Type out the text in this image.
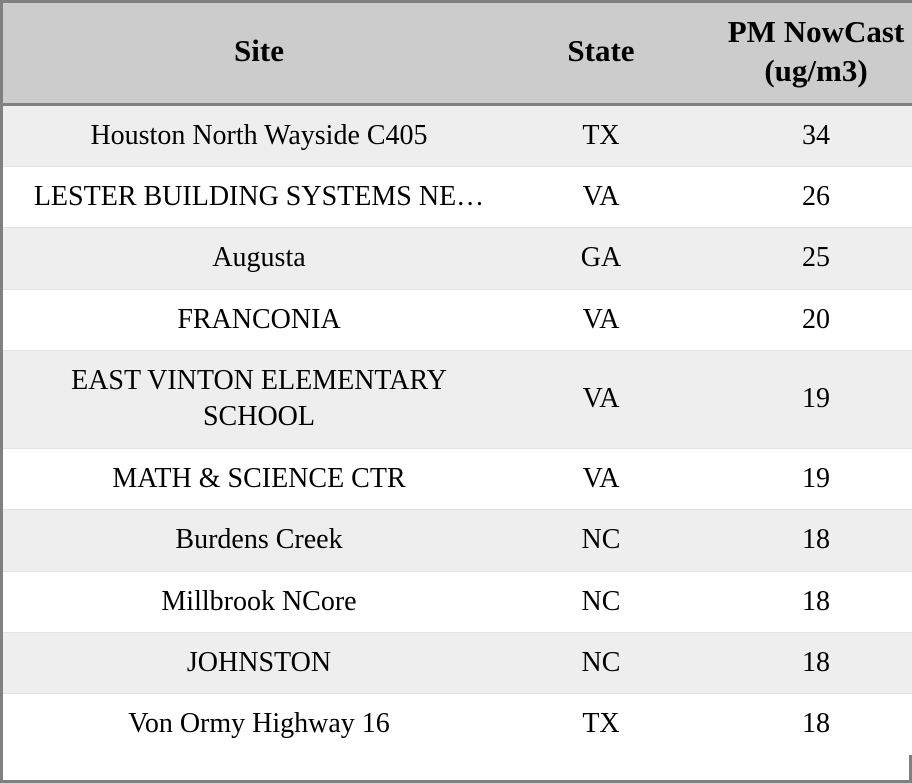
Site	State	PM NowCast (ug/m3)
Houston North Wayside C405	TX	34
LESTER BUILDING SYSTEMS NE…	VA	26
Augusta	GA	25
FRANCONIA	VA	20
EAST VINTON ELEMENTARY SCHOOL	VA	19
MATH & SCIENCE CTR	VA	19
Burdens Creek	NC	18
Millbrook NCore	NC	18
JOHNSTON	NC	18
Von Ormy Highway 16	TX	18
